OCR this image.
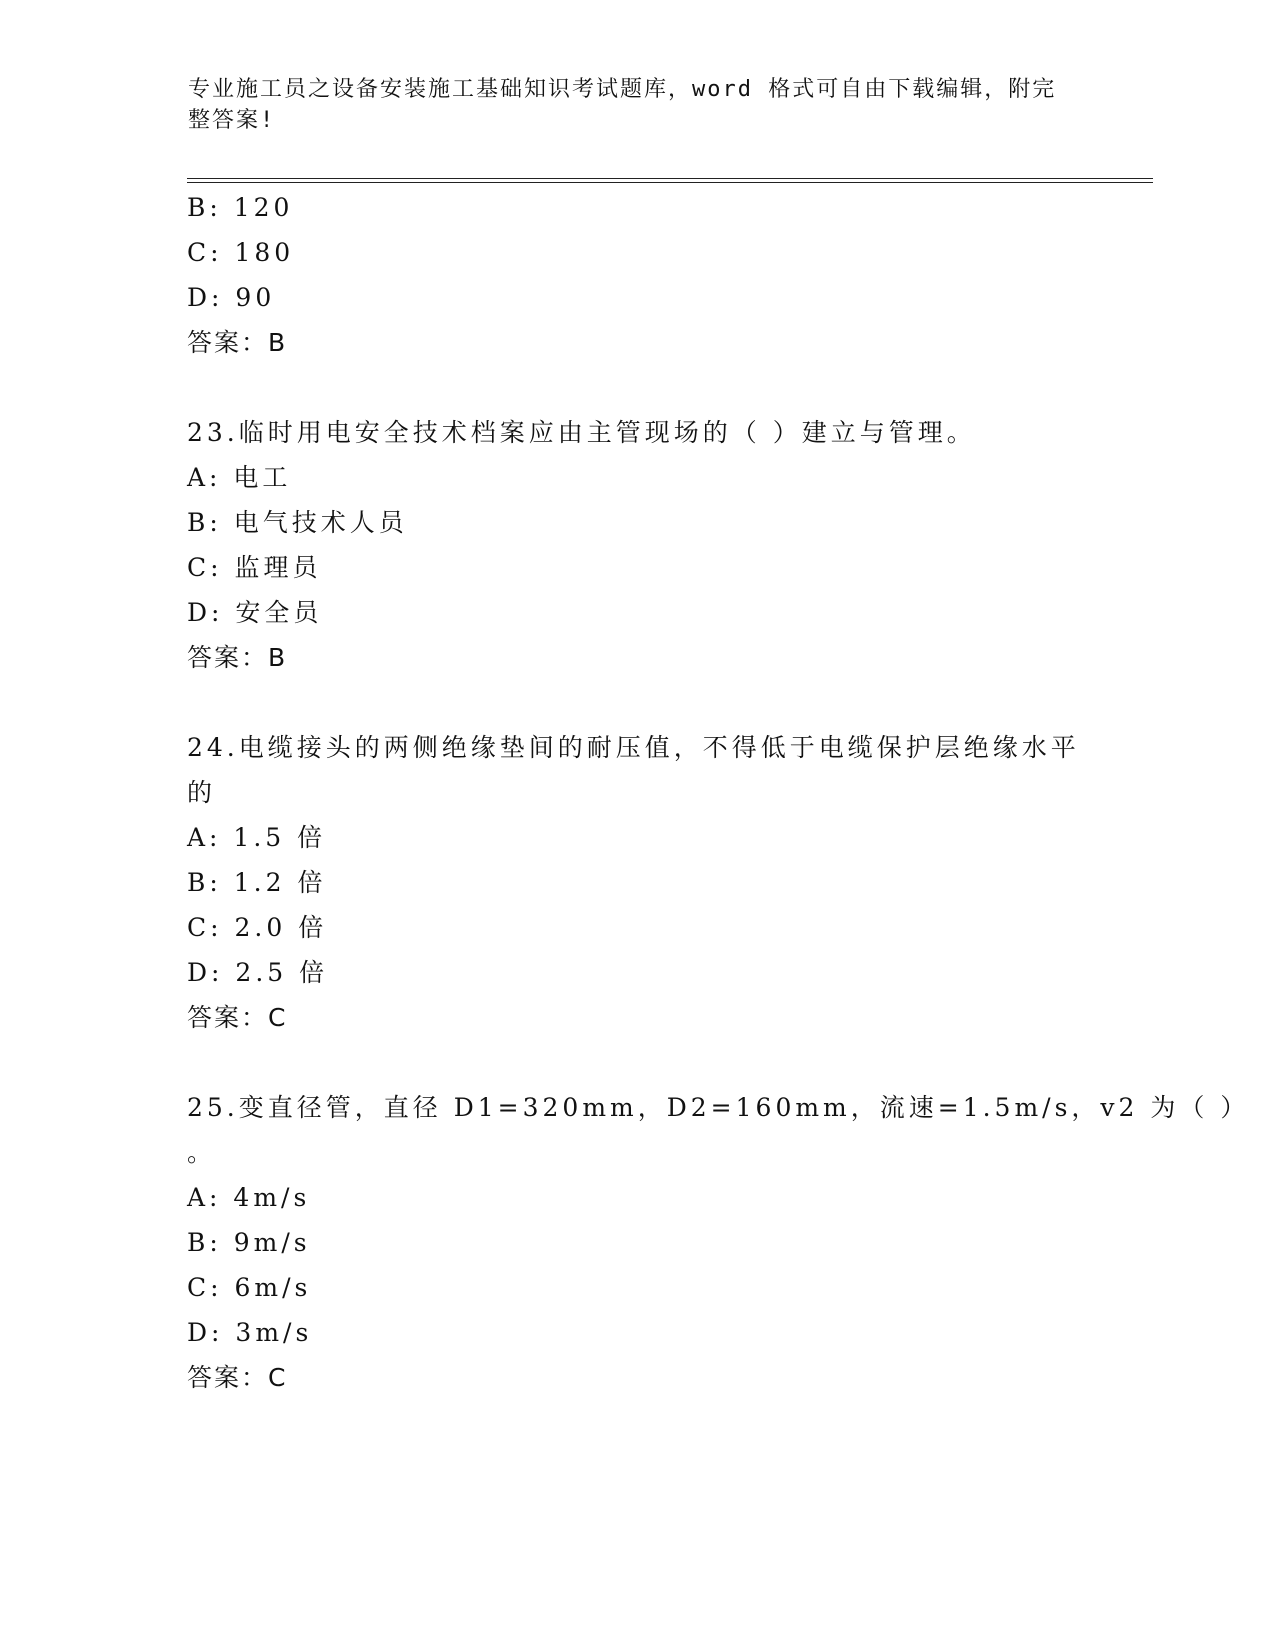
专业施工员之设备安装施工基础知识考试题库，word 格式可自由下载编辑，附完整答案!
B: 120
C: 180
D: 90
答案：B
23.临时用电安全技术档案应由主管现场的（ ）建立与管理。
A: 电工
B: 电气技术人员
C: 监理员
D: 安全员
答案：B
24.电缆接头的两侧绝缘垫间的耐压值，不得低于电缆保护层绝缘水平
的
A: 1.5 倍
B: 1.2 倍
C: 2.0 倍
D: 2.5 倍
答案：C
25.变直径管，直径 D1=320mm，D2=160mm，流速=1.5m/s，v2 为（ ）
。
A: 4m/s
B: 9m/s
C: 6m/s
D: 3m/s
答案：C
